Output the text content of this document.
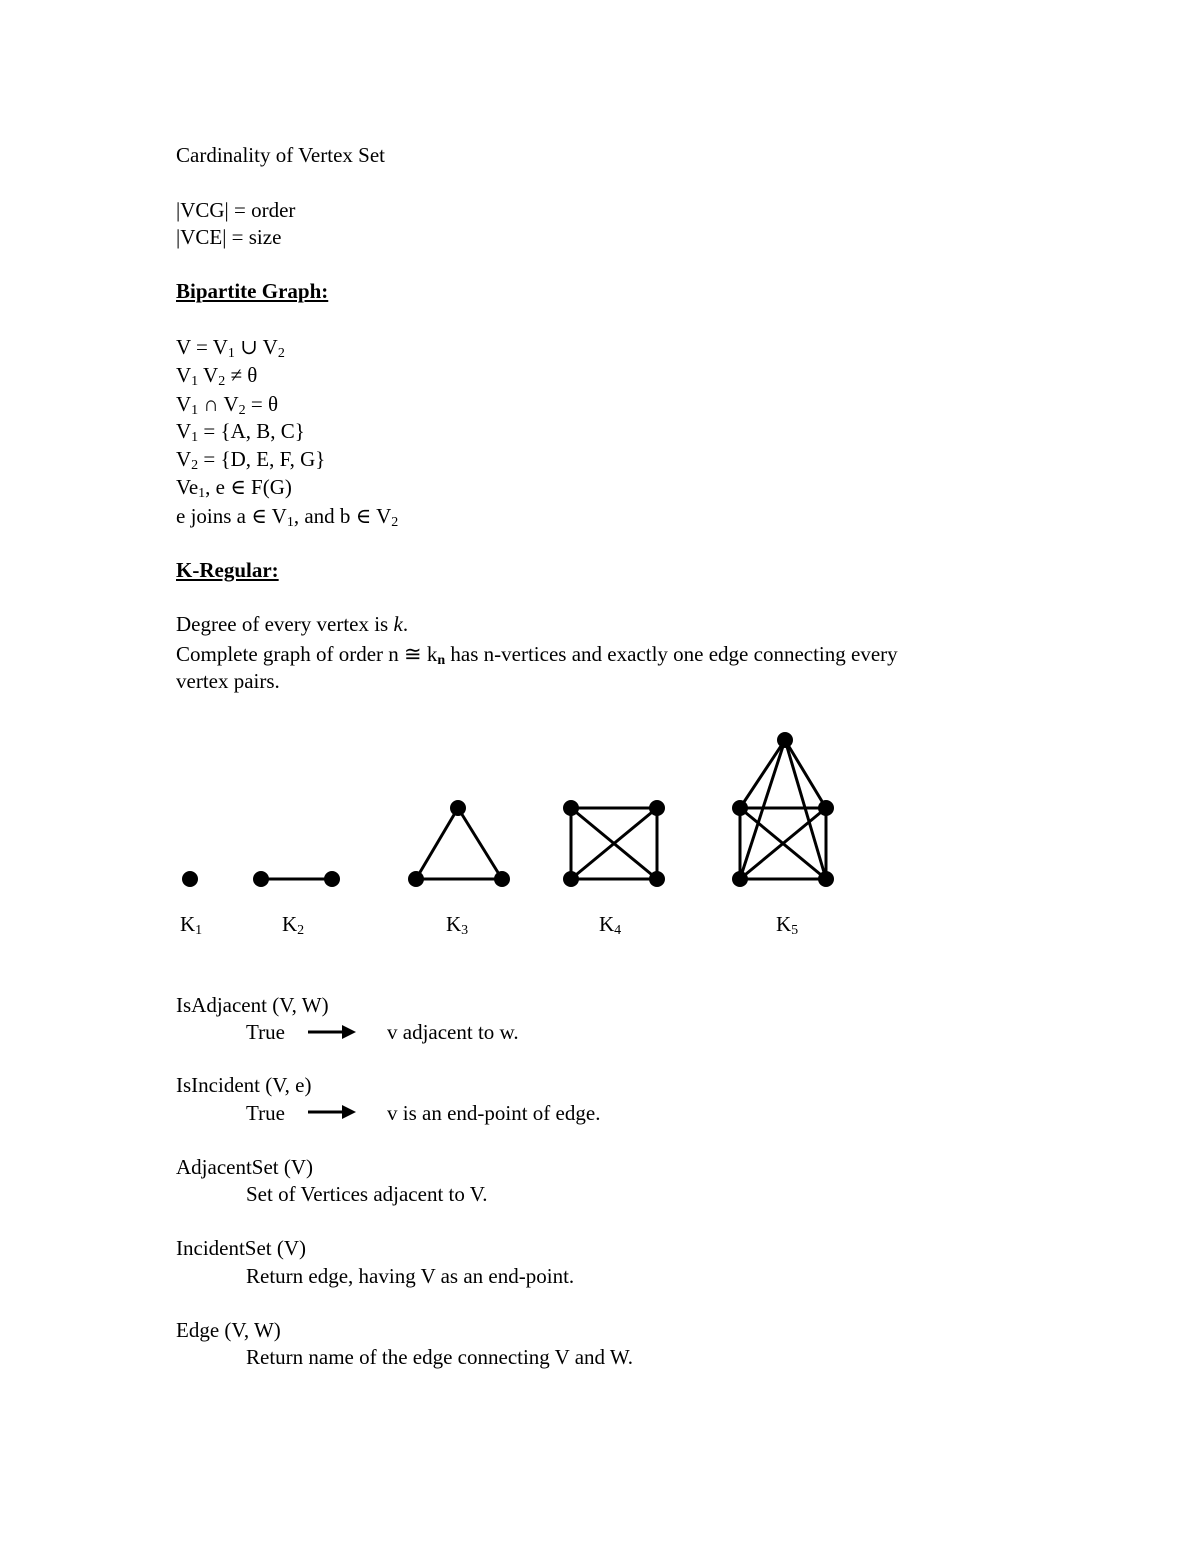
Cardinality of Vertex Set
|VCG| = order
|VCE| = size
Bipartite Graph:
$V = V_1$ ∪ $V_2$
$V_1$ $V_2 \ne \theta$
$V_1$ ∩ $V_2 = \theta$
$V_1 = \{A$, B, C}
$V_2 = \{D$, E, F, G}
$Ve_1$, e ∈ F(G)
e joins a ∈ $V_1$, and b ∈ $V_2$
K-Regular:
Degree of every vertex is k.
Complete graph of order n ≅ $k_n$ has n-vertices and exactly one edge connecting every
vertex pairs.
$K_1$	$K_2$	$K_3$	$K_4$	$K_5$
IsAdjacent (V, W)
True	v adjacent to w.
IsIncident (V, e)
True	v is an end-point of edge.
AdjacentSet (V)
Set of Vertices adjacent to V.
IncidentSet (V)
Return edge, having V as an end-point.
Edge (V, W)
Return name of the edge connecting V and W.
